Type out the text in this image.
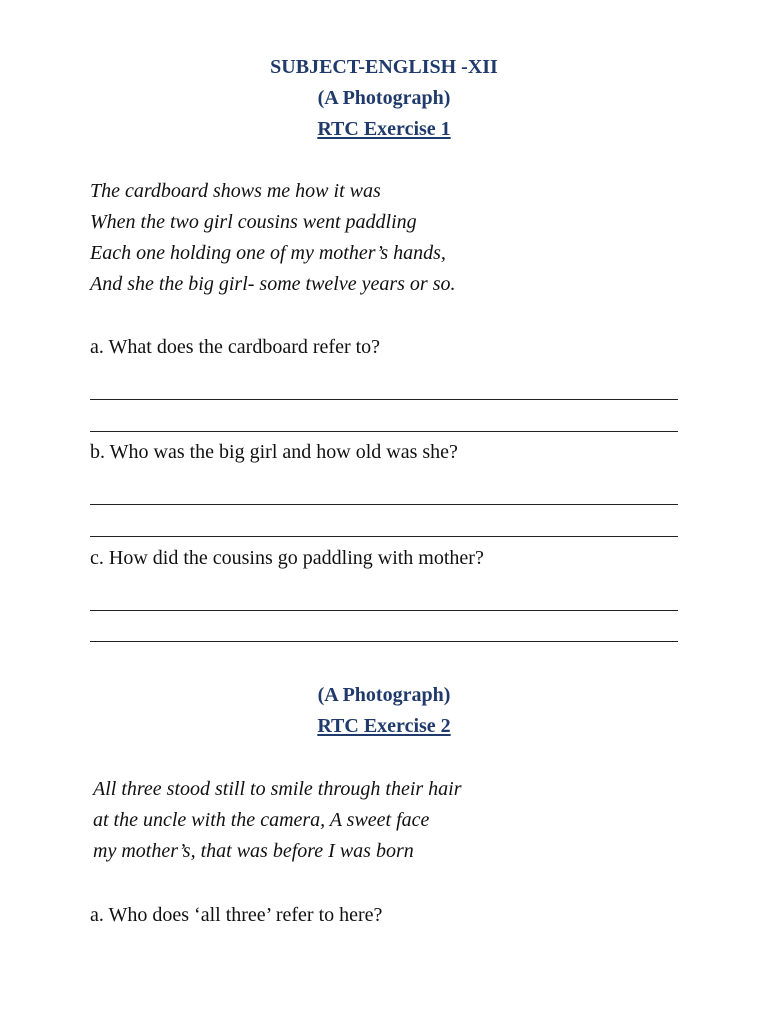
SUBJECT-ENGLISH -XII
(A Photograph)
RTC Exercise 1
The cardboard shows me how it was
When the two girl cousins went paddling
Each one holding one of my mother’s hands,
And she the big girl- some twelve years or so.

a. What does the cardboard refer to?

b. Who was the big girl and how old was she?

c. How did the cousins go paddling with mother?

(A Photograph)
RTC Exercise 2
All three stood still to smile through their hair
at the uncle with the camera, A sweet face
my mother’s, that was before I was born

a. Who does ‘all three’ refer to here?
